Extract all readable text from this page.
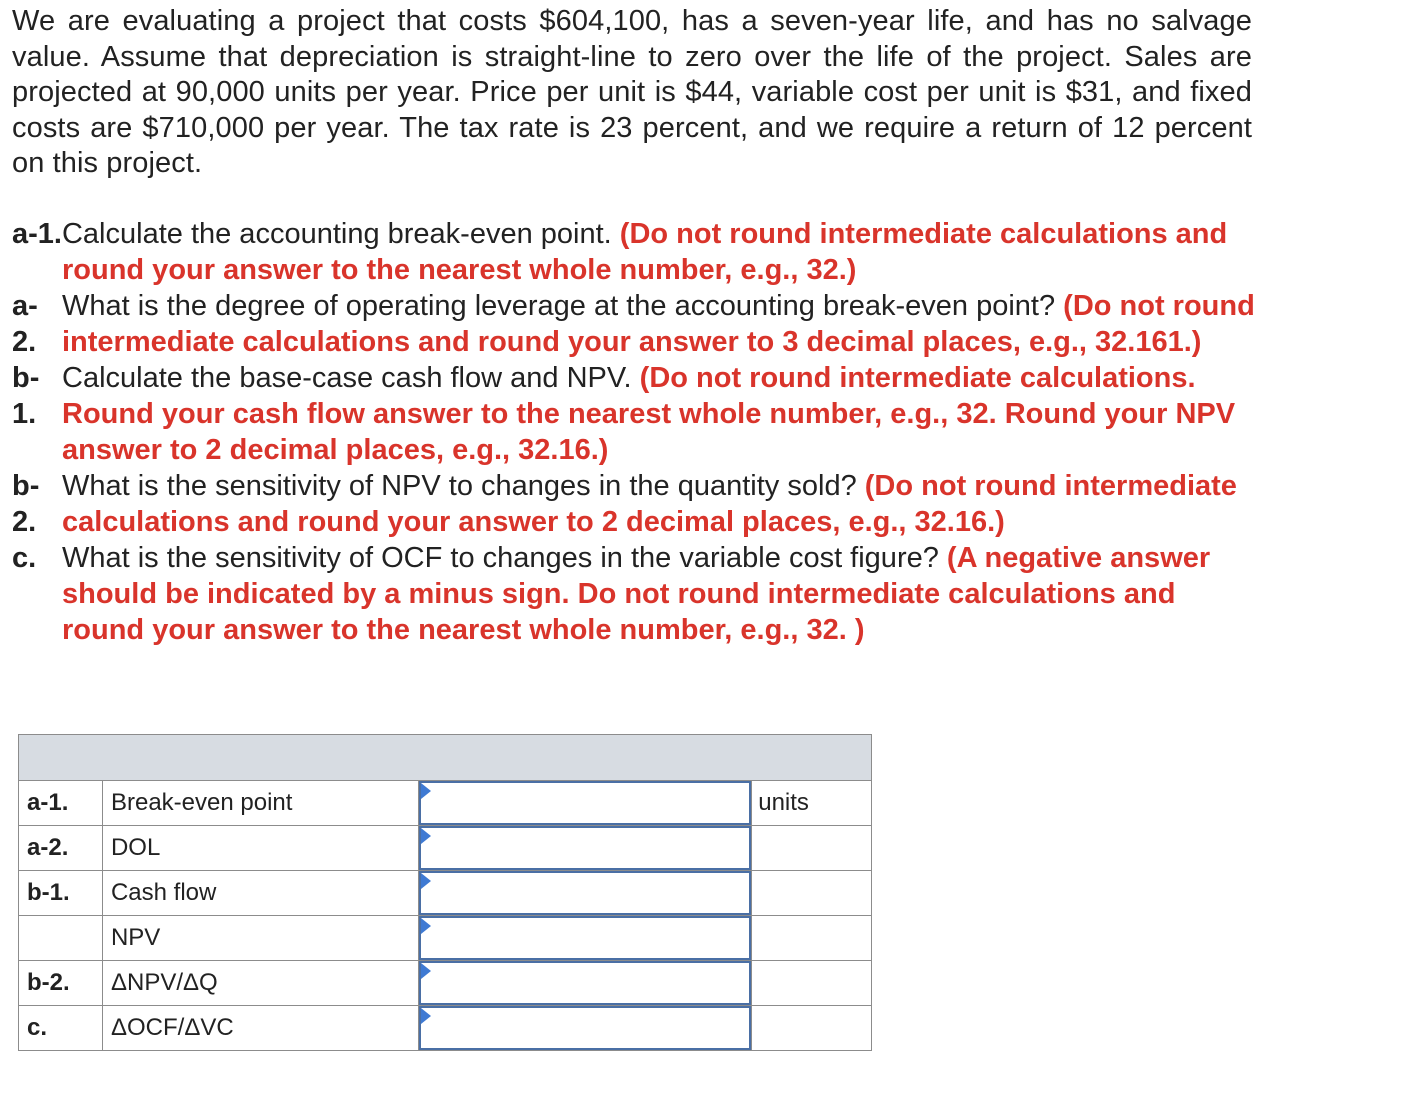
We are evaluating a project that costs $604,100, has a seven-year life, and has no salvage value. Assume that depreciation is straight-line to zero over the life of the project. Sales are projected at 90,000 units per year. Price per unit is $44, variable cost per unit is $31, and fixed costs are $710,000 per year. The tax rate is 23 percent, and we require a return of 12 percent on this project.
a-1. Calculate the accounting break-even point. (Do not round intermediate calculations and round your answer to the nearest whole number, e.g., 32.)
a-
2.
What is the degree of operating leverage at the accounting break-even point? (Do not round intermediate calculations and round your answer to 3 decimal places, e.g., 32.161.)
b-
1.
Calculate the base-case cash flow and NPV. (Do not round intermediate calculations. Round your cash flow answer to the nearest whole number, e.g., 32. Round your NPV answer to 2 decimal places, e.g., 32.16.)
b-
2.
What is the sensitivity of NPV to changes in the quantity sold? (Do not round intermediate calculations and round your answer to 2 decimal places, e.g., 32.16.)
c. What is the sensitivity of OCF to changes in the variable cost figure? (A negative answer should be indicated by a minus sign. Do not round intermediate calculations and round your answer to the nearest whole number, e.g., 32. )

a-1.	Break-even point		units
a-2.	DOL	

b-1.	Cash flow	

	NPV	

b-2.	ΔNPV/ΔQ	

c.	ΔOCF/ΔVC	
